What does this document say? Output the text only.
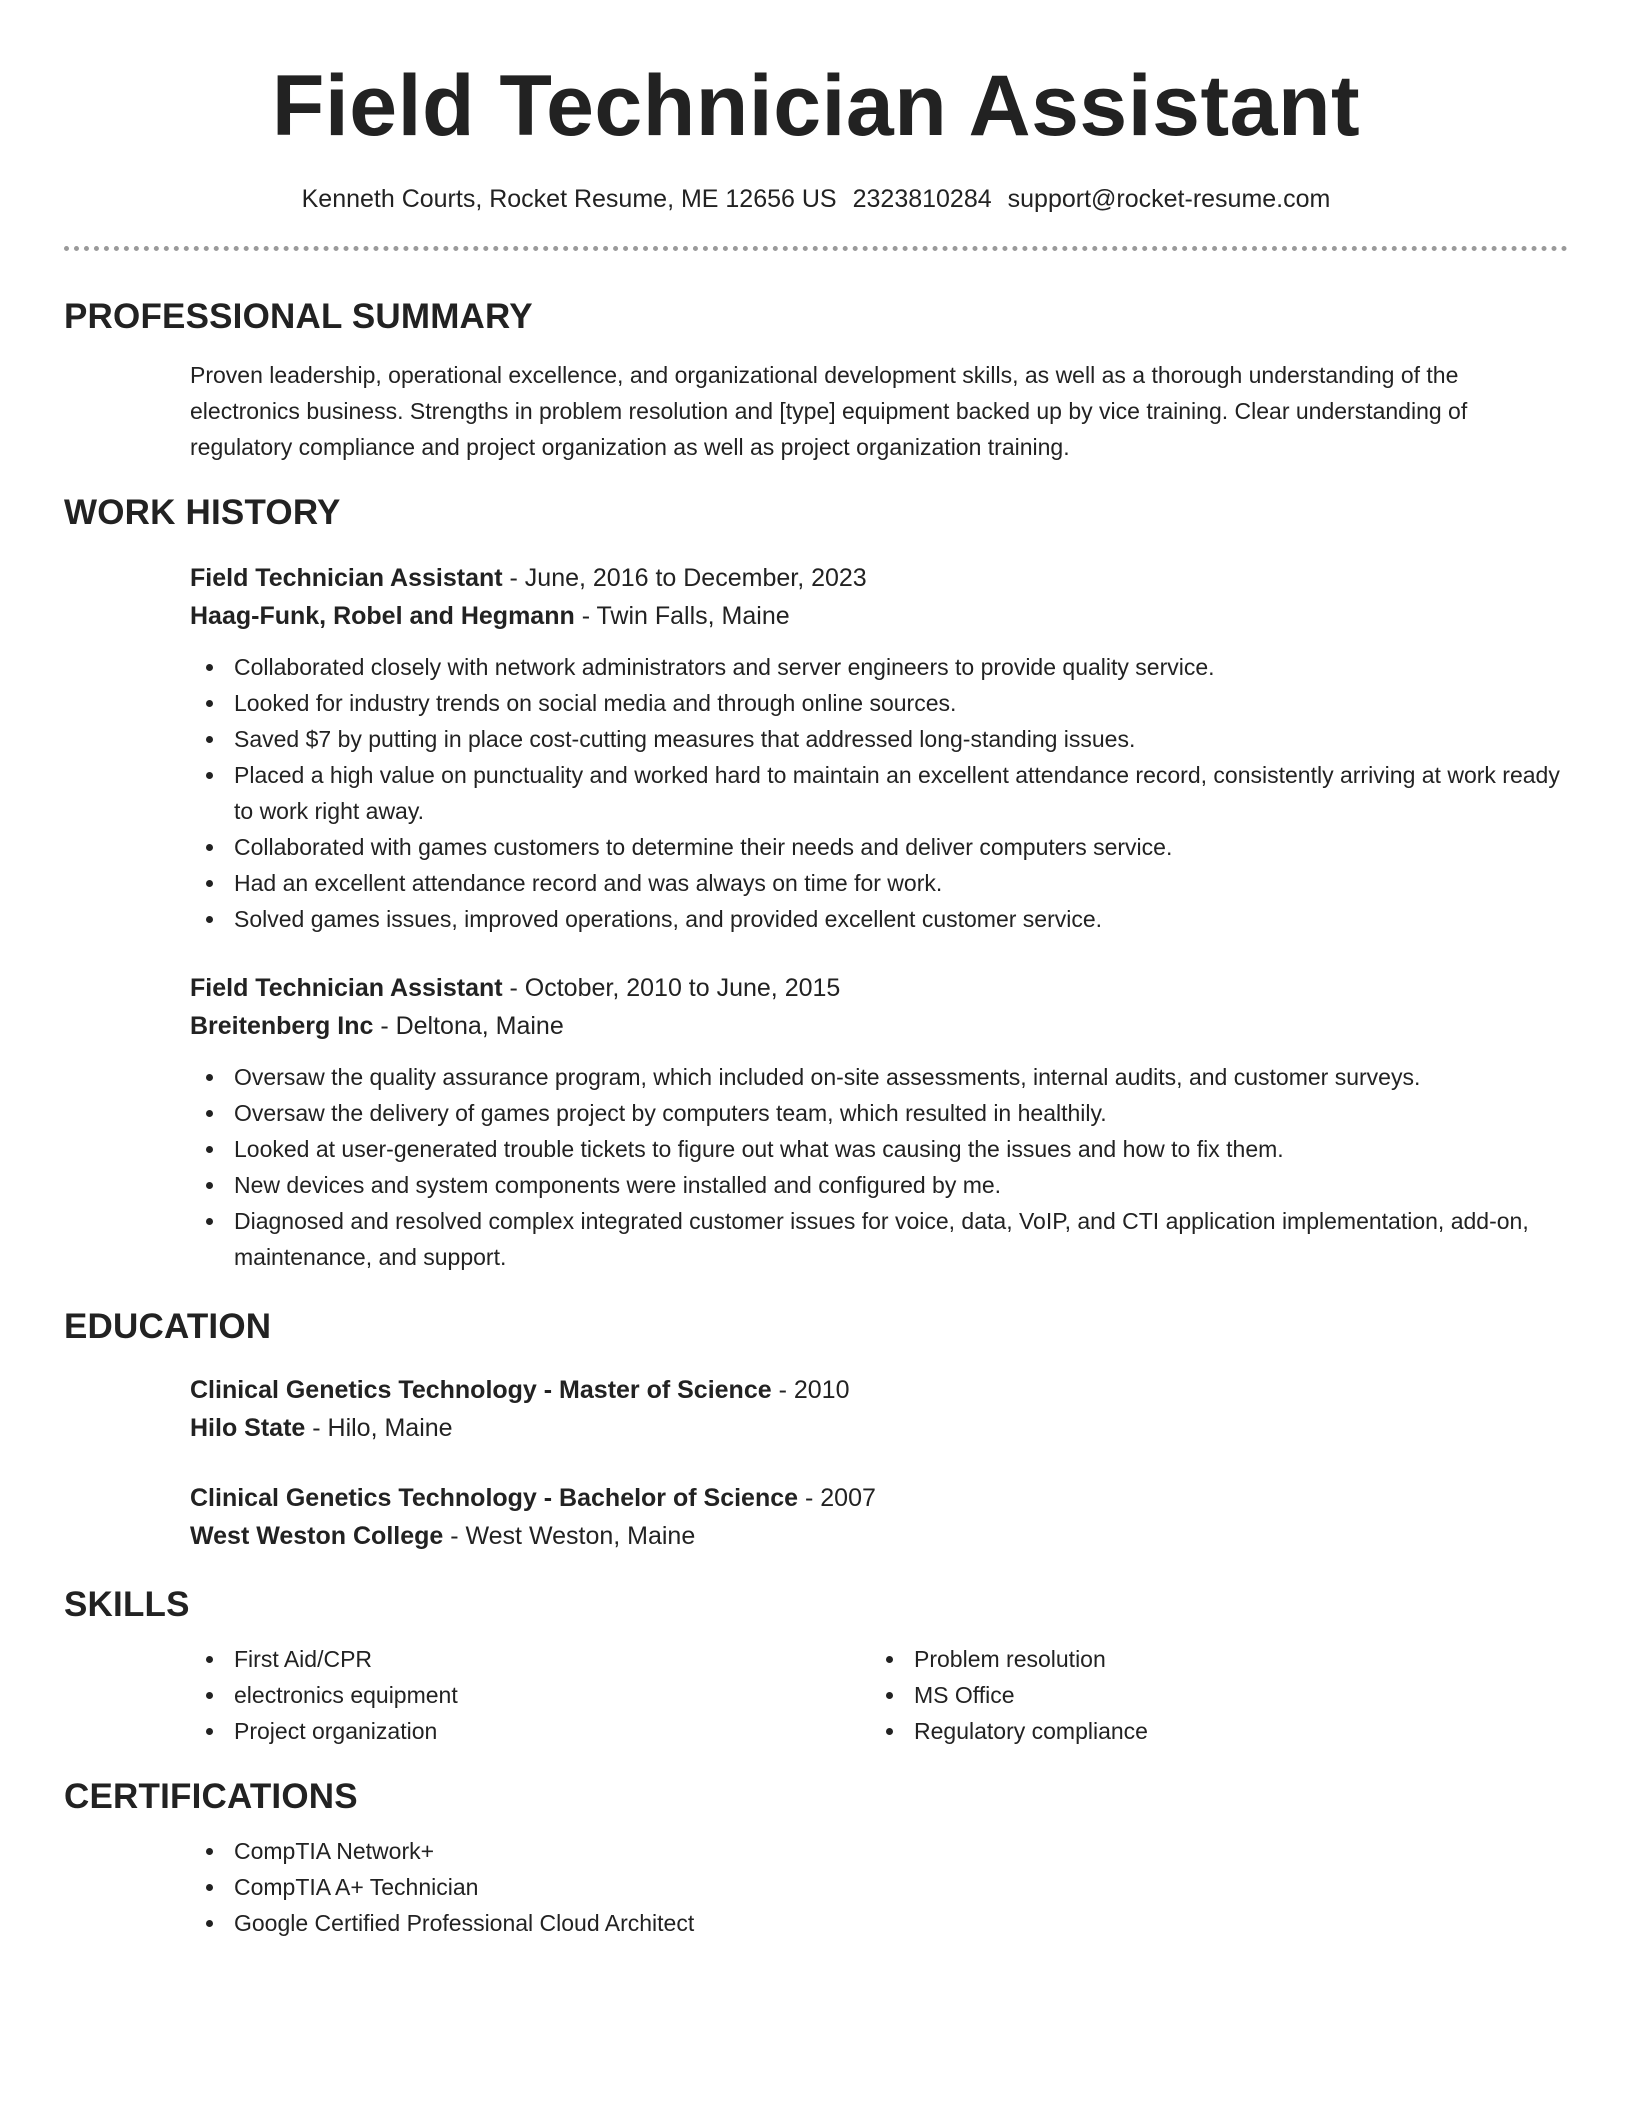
Field Technician Assistant
Kenneth Courts, Rocket Resume, ME 12656 US 2323810284 support@rocket-resume.com
PROFESSIONAL SUMMARY

Proven leadership, operational excellence, and organizational development skills, as well as a thorough understanding of the electronics business. Strengths in problem resolution and [type] equipment backed up by vice training. Clear understanding of regulatory compliance and project organization as well as project organization training.

WORK HISTORY
Field Technician Assistant - June, 2016 to December, 2023
Haag-Funk, Robel and Hegmann - Twin Falls, Maine
Collaborated closely with network administrators and server engineers to provide quality service.
Looked for industry trends on social media and through online sources.
Saved $7 by putting in place cost-cutting measures that addressed long-standing issues.
Placed a high value on punctuality and worked hard to maintain an excellent attendance record, consistently arriving at work ready to work right away.
Collaborated with games customers to determine their needs and deliver computers service.
Had an excellent attendance record and was always on time for work.
Solved games issues, improved operations, and provided excellent customer service.
Field Technician Assistant - October, 2010 to June, 2015
Breitenberg Inc - Deltona, Maine
Oversaw the quality assurance program, which included on-site assessments, internal audits, and customer surveys.
Oversaw the delivery of games project by computers team, which resulted in healthily.
Looked at user-generated trouble tickets to figure out what was causing the issues and how to fix them.
New devices and system components were installed and configured by me.
Diagnosed and resolved complex integrated customer issues for voice, data, VoIP, and CTI application implementation, add-on, maintenance, and support.
EDUCATION
Clinical Genetics Technology - Master of Science - 2010
Hilo State - Hilo, Maine
Clinical Genetics Technology - Bachelor of Science - 2007
West Weston College - West Weston, Maine
SKILLS
First Aid/CPR
electronics equipment
Project organization
Problem resolution
MS Office
Regulatory compliance
CERTIFICATIONS
CompTIA Network+
CompTIA A+ Technician
Google Certified Professional Cloud Architect
